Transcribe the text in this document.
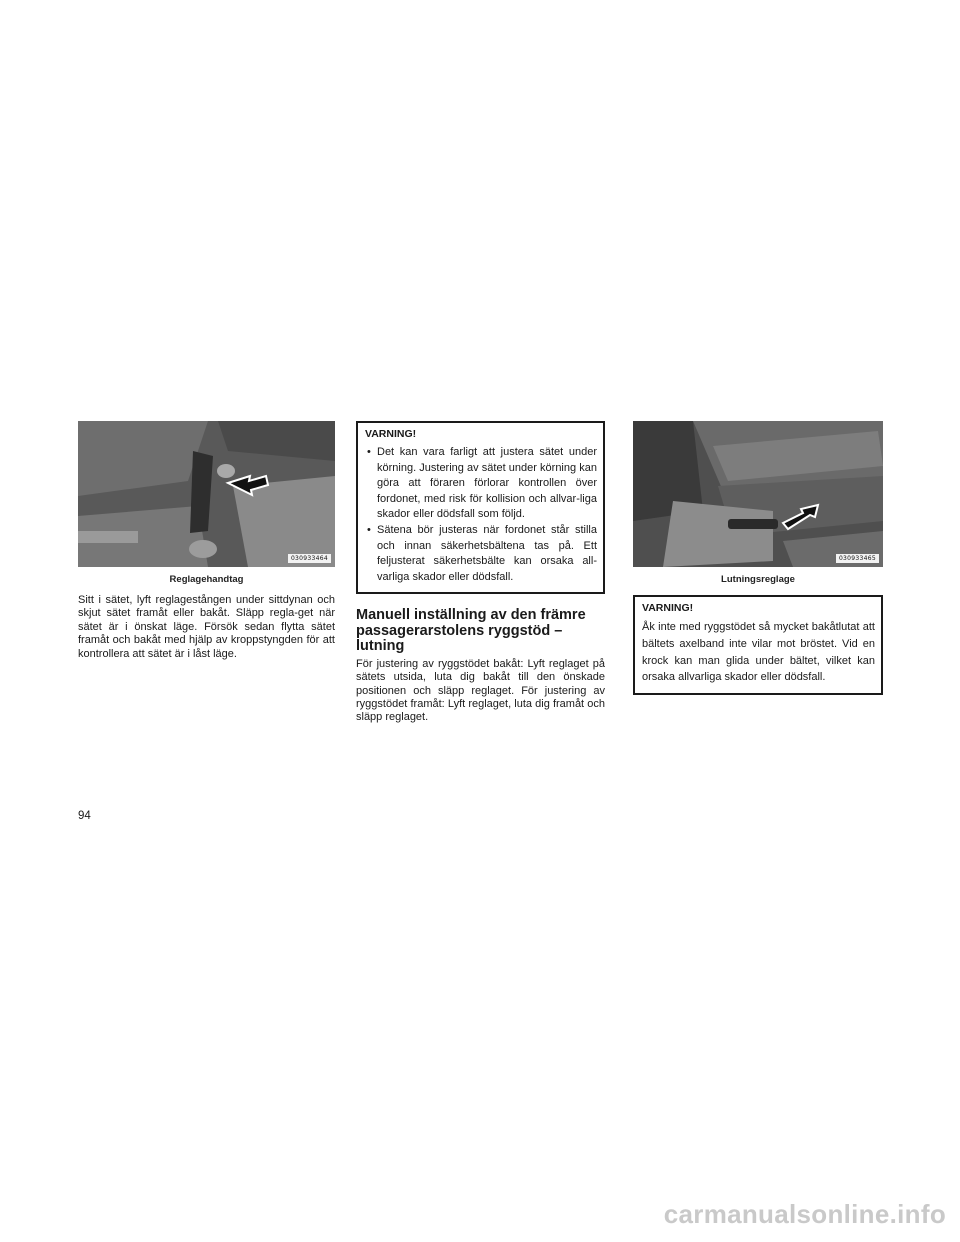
030933464
Reglagehandtag

Sitt i sätet, lyft reglagestången under sittdynan och skjut sätet framåt eller bakåt. Släpp regla-get när sätet är i önskat läge. Försök sedan flytta sätet framåt och bakåt med hjälp av kroppstyngden för att kontrollera att sätet är i låst läge.

VARNING!
• Det kan vara farligt att justera sätet under körning. Justering av sätet under körning kan göra att föraren förlorar kontrollen över fordonet, med risk för kollision och allvar-liga skador eller dödsfall som följd.
• Sätena bör justeras när fordonet står stilla och innan säkerhetsbältena tas på. Ett feljusterat säkerhetsbälte kan orsaka all-varliga skador eller dödsfall.
Manuell inställning av den främre passagerarstolens ryggstöd – lutning

För justering av ryggstödet bakåt: Lyft reglaget på sätets utsida, luta dig bakåt till den önskade positionen och släpp reglaget. För justering av ryggstödet framåt: Lyft reglaget, luta dig framåt och släpp reglaget.

030933465
Lutningsreglage
VARNING!

Åk inte med ryggstödet så mycket bakåtlutat att bältets axelband inte vilar mot bröstet. Vid en krock kan man glida under bältet, vilket kan orsaka allvarliga skador eller dödsfall.

94
carmanualsonline.info
